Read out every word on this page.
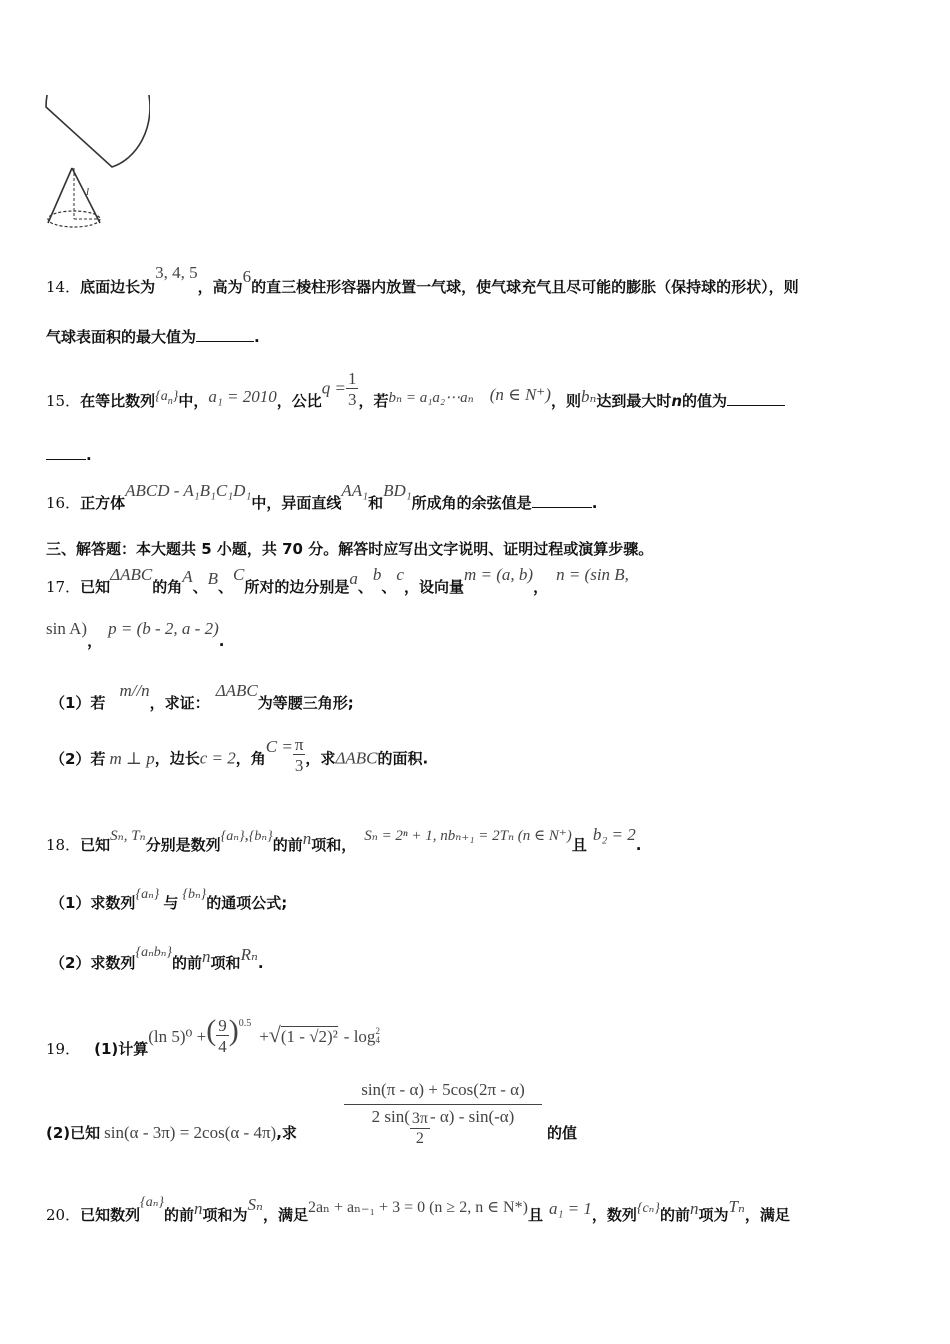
l
14．底面边长为3, 4, 5，高为6的直三棱柱形容器内放置一气球，使气球充气且尽可能的膨胀（保持球的形状），则
气球表面积的最大值为	.
15．在等比数列$\{a_n\}$中，a₁ = 2010，公比$q = \frac{1}{3}$ ，若bₙ = a₁a₂⋯aₙ (n ∈ N⁺)，则bₙ达到最大时n的值为
.
16．正方体ABCD - A₁B₁C₁D₁中，异面直线AA₁和BD₁所成角的余弦值是	.
三、解答题：本大题共 5 小题，共 70 分。解答时应写出文字说明、证明过程或演算步骤。
17．已知ΔABC的角A、B、C所对的边分别是a、b、c，设向量m = (a, b)，n = (sin B,
sin A)，p = (b - 2, a - 2).
（1）若m//n，求证：ΔABC为等腰三角形;
（2）若 m ⊥ p，边长c = 2，角$C = \frac{\pi}{3}$ ，求ΔABC的面积.
18．已知Sₙ, Tₙ分别是数列{aₙ},{bₙ}的前n项和， Sₙ = 2ⁿ + 1, nbₙ₊₁ = 2Tₙ (n ∈ N⁺)且b₂ = 2.
（1）求数列{aₙ} 与 {bₙ}的通项公式;
（2）求数列{aₙbₙ}的前n项和Rₙ.
19． (1)计算(ln 5)⁰ +( $\frac{9}{4} )0.5+√(1 - √2)^2 - \log 2$
4
sin(π - α) + 5cos(2π - α)
2 $\sin( \frac{3\pi}{2} - \alpha) - \sin(-\alpha)$
(2)已知 sin(α - 3π) = 2cos(α - 4π),求	的值
20．已知数列{aₙ}的前n项和为Sₙ，满足2aₙ + aₙ₋₁ + 3 = 0 (n ≥ 2, n ∈ N*)且 a₁ = 1，数列{cₙ}的前n项为Tₙ，满足
